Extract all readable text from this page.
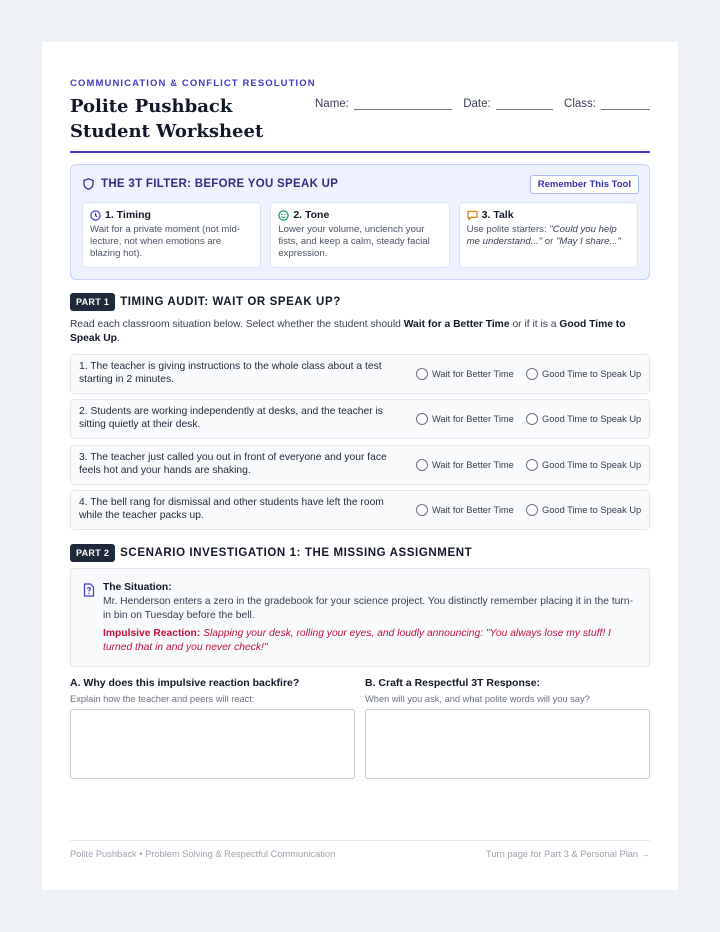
COMMUNICATION & CONFLICT RESOLUTION
Polite Pushback Student Worksheet
Name:	Date:	Class:
THE 3T FILTER: BEFORE YOU SPEAK UP	Remember This Tool
1. Timing
Wait for a private moment (not mid-lecture, not when emotions are blazing hot).
2. Tone
Lower your volume, unclench your fists, and keep a calm, steady facial expression.
3. Talk
Use polite starters: "Could you help me understand..." or "May I share..."
PART 1 TIMING AUDIT: WAIT OR SPEAK UP?
Read each classroom situation below. Select whether the student should Wait for a Better Time or if it is a Good Time to Speak Up.
1. The teacher is giving instructions to the whole class about a test starting in 2 minutes.	Wait for Better Time	Good Time to Speak Up
2. Students are working independently at desks, and the teacher is sitting quietly at their desk.	Wait for Better Time	Good Time to Speak Up
3. The teacher just called you out in front of everyone and your face feels hot and your hands are shaking.	Wait for Better Time	Good Time to Speak Up
4. The bell rang for dismissal and other students have left the room while the teacher packs up.	Wait for Better Time	Good Time to Speak Up
PART 2 SCENARIO INVESTIGATION 1: THE MISSING ASSIGNMENT
The Situation:
Mr. Henderson enters a zero in the gradebook for your science project. You distinctly remember placing it in the turn-in bin on Tuesday before the bell.
Impulsive Reaction: Slapping your desk, rolling your eyes, and loudly announcing: "You always lose my stuff! I turned that in and you never check!"
A. Why does this impulsive reaction backfire?
Explain how the teacher and peers will react:
B. Craft a Respectful 3T Response:
When will you ask, and what polite words will you say?
Polite Pushback • Problem Solving & Respectful Communication	Turn page for Part 3 & Personal Plan →
